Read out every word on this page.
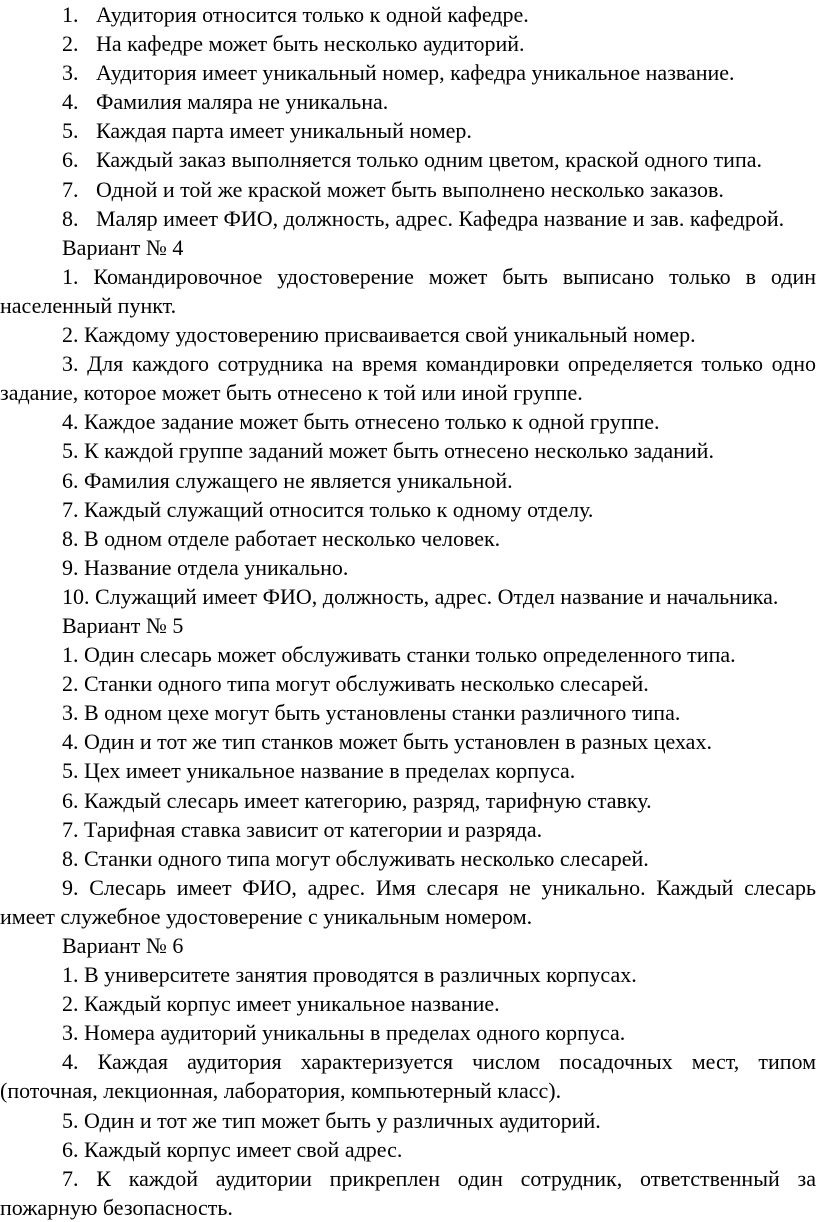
1. Аудитория относится только к одной кафедре.

2. На кафедре может быть несколько аудиторий.

3. Аудитория имеет уникальный номер, кафедра уникальное название.

4. Фамилия маляра не уникальна.

5. Каждая парта имеет уникальный номер.

6. Каждый заказ выполняется только одним цветом, краской одного типа.

7. Одной и той же краской может быть выполнено несколько заказов.

8. Маляр имеет ФИО, должность, адрес. Кафедра название и зав. кафедрой.

Вариант № 4

1. Командировочное удостоверение может быть выписано только в один населенный пункт.

2. Каждому удостоверению присваивается свой уникальный номер.

3. Для каждого сотрудника на время командировки определяется только одно задание, которое может быть отнесено к той или иной группе.

4. Каждое задание может быть отнесено только к одной группе.

5. К каждой группе заданий может быть отнесено несколько заданий.

6. Фамилия служащего не является уникальной.

7. Каждый служащий относится только к одному отделу.

8. В одном отделе работает несколько человек.

9. Название отдела уникально.

10. Служащий имеет ФИО, должность, адрес. Отдел название и начальника.

Вариант № 5

1. Один слесарь может обслуживать станки только определенного типа.

2. Станки одного типа могут обслуживать несколько слесарей.

3. В одном цехе могут быть установлены станки различного типа.

4. Один и тот же тип станков может быть установлен в разных цехах.

5. Цех имеет уникальное название в пределах корпуса.

6. Каждый слесарь имеет категорию, разряд, тарифную ставку.

7. Тарифная ставка зависит от категории и разряда.

8. Станки одного типа могут обслуживать несколько слесарей.

9. Слесарь имеет ФИО, адрес. Имя слесаря не уникально. Каждый слесарь имеет служебное удостоверение с уникальным номером.

Вариант № 6

1. В университете занятия проводятся в различных корпусах.

2. Каждый корпус имеет уникальное название.

3. Номера аудиторий уникальны в пределах одного корпуса.

4. Каждая аудитория характеризуется числом посадочных мест, типом (поточная, лекционная, лаборатория, компьютерный класс).

5. Один и тот же тип может быть у различных аудиторий.

6. Каждый корпус имеет свой адрес.

7. К каждой аудитории прикреплен один сотрудник, ответственный за пожарную безопасность.
